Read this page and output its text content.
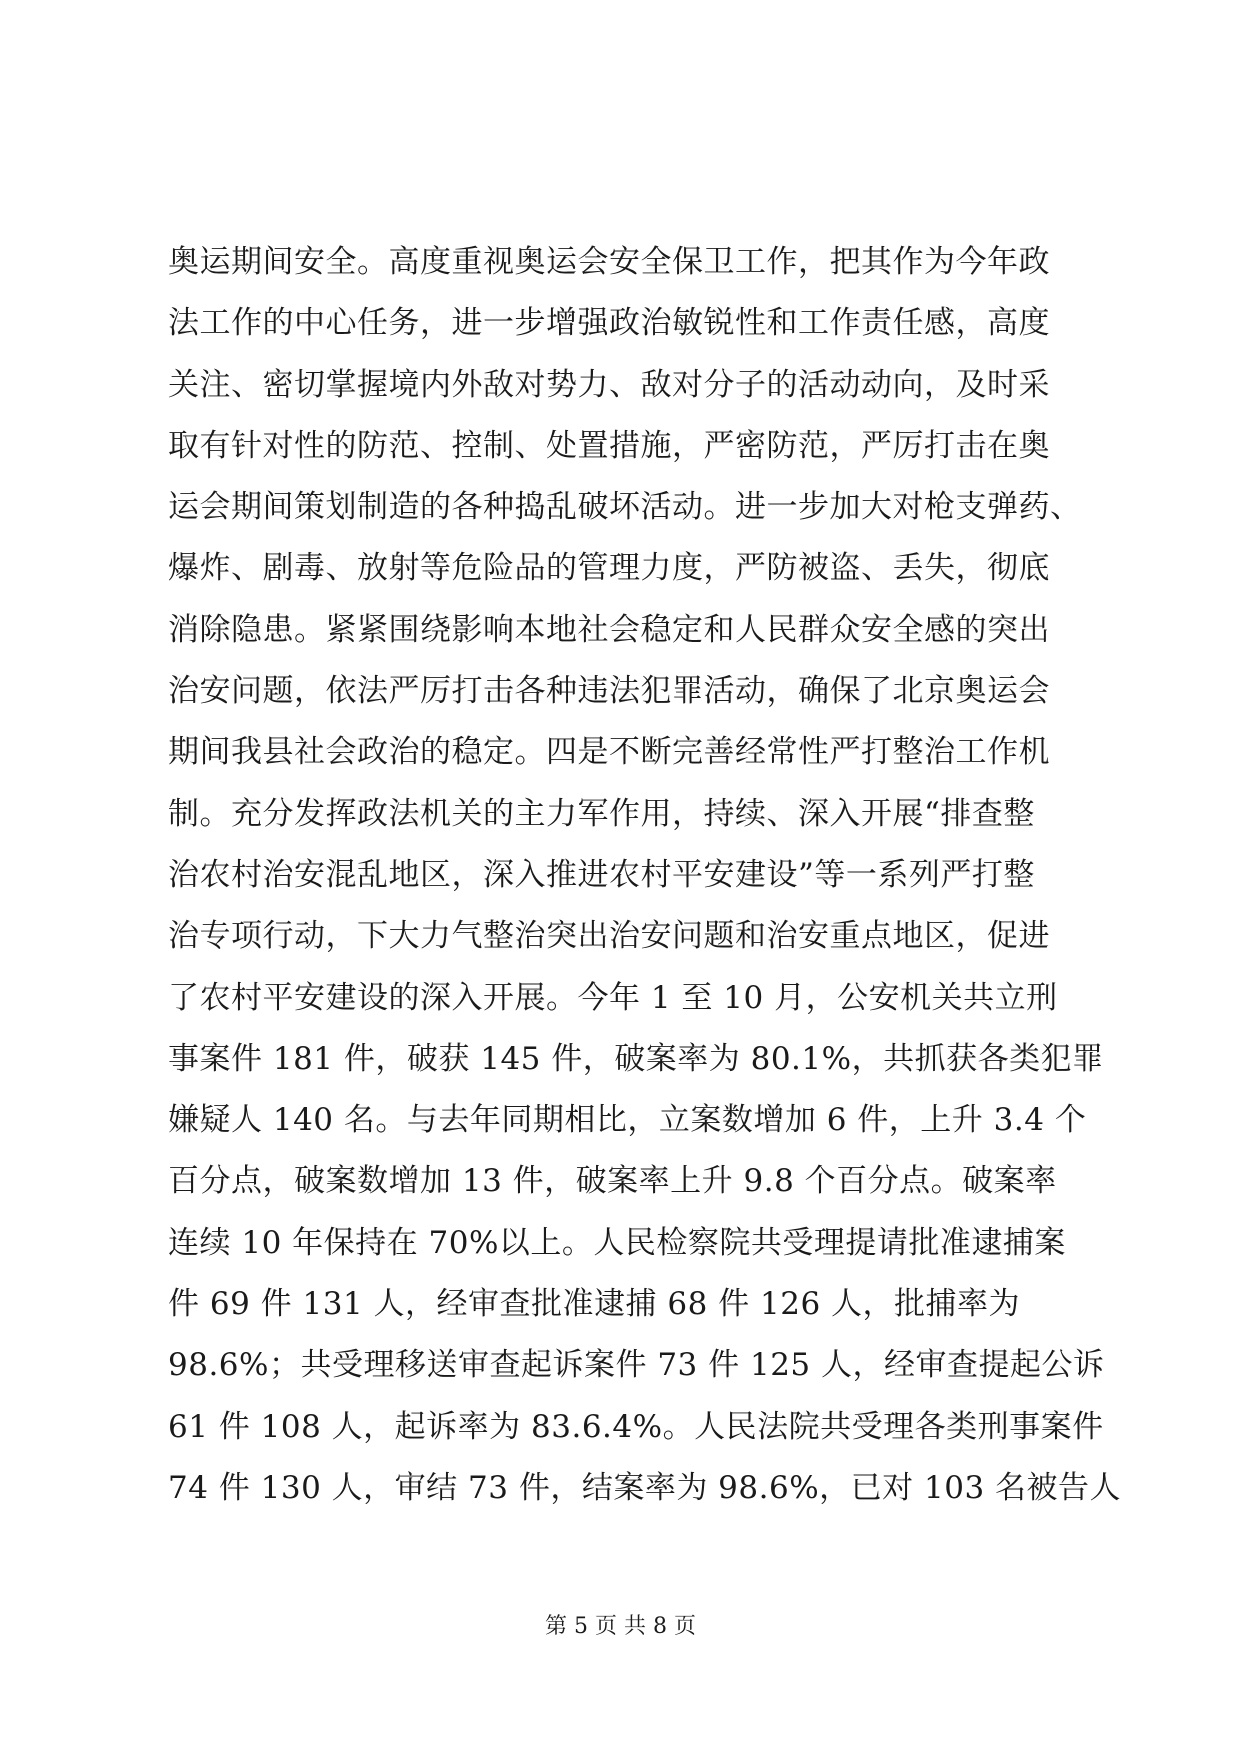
奥运期间安全。高度重视奥运会安全保卫工作，把其作为今年政
法工作的中心任务，进一步增强政治敏锐性和工作责任感，高度
关注、密切掌握境内外敌对势力、敌对分子的活动动向，及时采
取有针对性的防范、控制、处置措施，严密防范，严厉打击在奥
运会期间策划制造的各种捣乱破坏活动。进一步加大对枪支弹药、
爆炸、剧毒、放射等危险品的管理力度，严防被盗、丢失，彻底
消除隐患。紧紧围绕影响本地社会稳定和人民群众安全感的突出
治安问题，依法严厉打击各种违法犯罪活动，确保了北京奥运会
期间我县社会政治的稳定。四是不断完善经常性严打整治工作机
制。充分发挥政法机关的主力军作用，持续、深入开展“排查整
治农村治安混乱地区，深入推进农村平安建设”等一系列严打整
治专项行动，下大力气整治突出治安问题和治安重点地区，促进
了农村平安建设的深入开展。今年 1 至 10 月，公安机关共立刑
事案件 181 件，破获 145 件，破案率为 80.1%，共抓获各类犯罪
嫌疑人 140 名。与去年同期相比，立案数增加 6 件，上升 3.4 个
百分点，破案数增加 13 件，破案率上升 9.8 个百分点。破案率
连续 10 年保持在 70%以上。人民检察院共受理提请批准逮捕案
件 69 件 131 人，经审查批准逮捕 68 件 126 人，批捕率为
98.6%；共受理移送审查起诉案件 73 件 125 人，经审查提起公诉
61 件 108 人，起诉率为 83.6.4%。人民法院共受理各类刑事案件
74 件 130 人，审结 73 件，结案率为 98.6%，已对 103 名被告人
第 5 页 共 8 页
